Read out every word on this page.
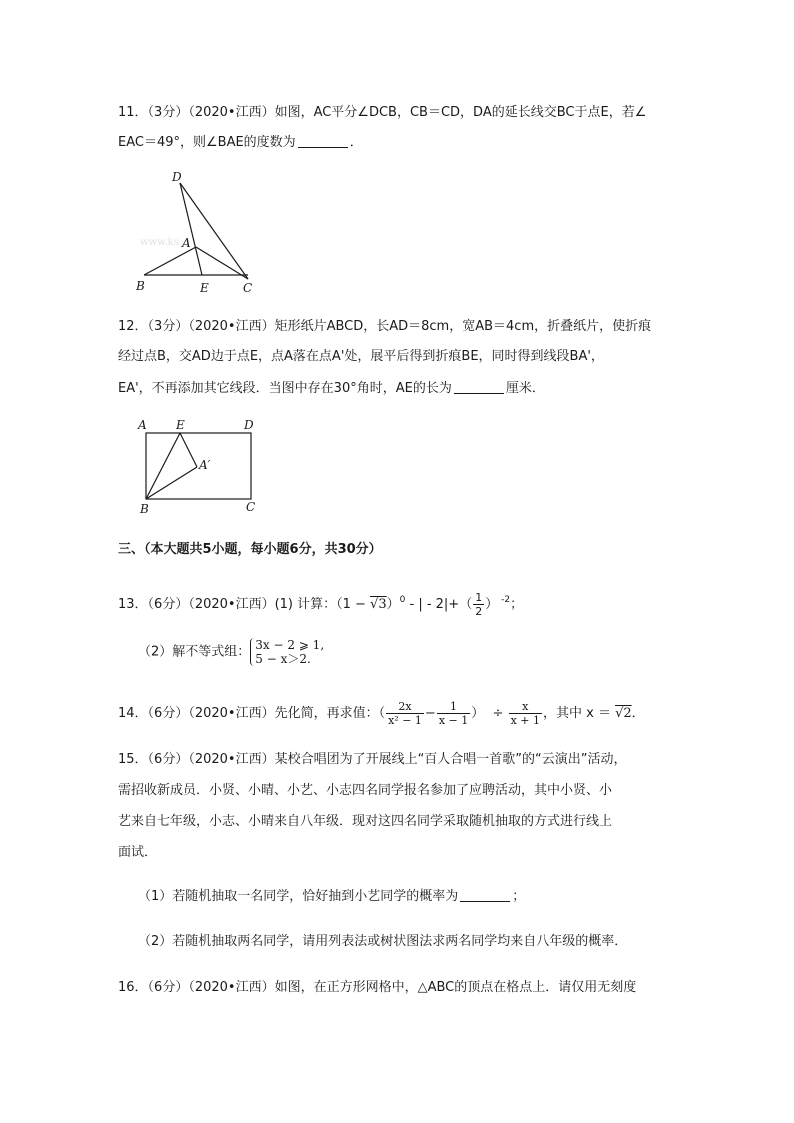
11．（3分）（2020•江西）如图，AC平分∠DCB，CB＝CD，DA的延长线交BC于点E，若∠
EAC＝49°，则∠BAE的度数为	．
www.ks
D
A
B	E	C
12．（3分）（2020•江西）矩形纸片ABCD，长AD＝8cm，宽AB＝4cm，折叠纸片，使折痕
经过点B，交AD边于点E，点A落在点A'处，展平后得到折痕BE，同时得到线段BA'，
EA'，不再添加其它线段．当图中存在30°角时，AE的长为	厘米．
A E	D
A′
B	C
三、（本大题共5小题，每小题6分，共30分）
13．（6分）（2020•江西）(1) 计算：$(1 - √3)^0$ - | - $2|+( \frac{1}{2}$ ） $^{-2}$；
（2）解不等式组： 3x − 2 ⩾ 1,
5 − x＞2.
14．（6分）（2020•江西）先化简，再求值：（ $\frac{2x}{\text{x² − 1}} - \frac{1}{x - 1}$ ） ÷ $\frac{x}{x + 1}$ ，其中 x ＝ √2．
15．（6分）（2020•江西）某校合唱团为了开展线上“百人合唱一首歌”的“云演出”活动，
需招收新成员．小贤、小晴、小艺、小志四名同学报名参加了应聘活动，其中小贤、小
艺来自七年级，小志、小晴来自八年级．现对这四名同学采取随机抽取的方式进行线上
面试．
（1）若随机抽取一名同学，恰好抽到小艺同学的概率为	；
（2）若随机抽取两名同学，请用列表法或树状图法求两名同学均来自八年级的概率．
16．（6分）（2020•江西）如图，在正方形网格中，△ABC的顶点在格点上．请仅用无刻度
